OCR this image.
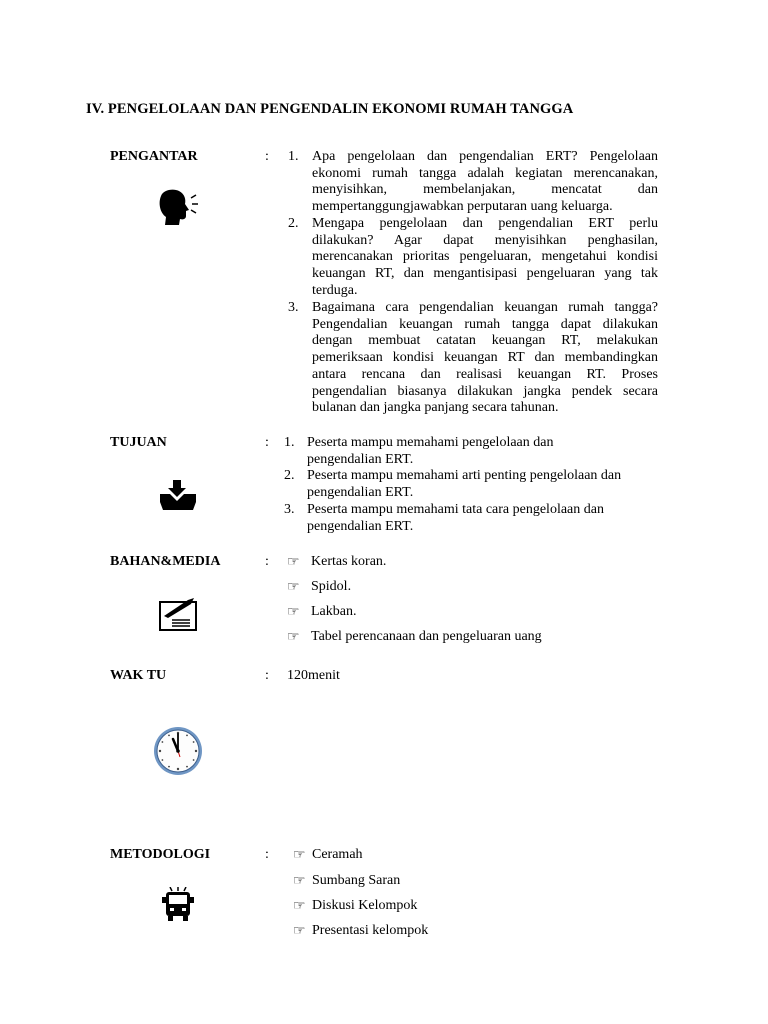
IV. PENGELOLAAN DAN PENGENDALIN EKONOMI RUMAH TANGGA
PENGANTAR	: 1. Apa pengelolaan dan pengendalian ERT? Pengelolaan ekonomi rumah tangga adalah kegiatan merencanakan, menyisihkan, membelanjakan, mencatat dan mempertanggungjawabkan perputaran uang keluarga.
2. Mengapa pengelolaan dan pengendalian ERT perlu dilakukan? Agar dapat menyisihkan penghasilan, merencanakan prioritas pengeluaran, mengetahui kondisi keuangan RT, dan mengantisipasi pengeluaran yang tak terduga.
3. Bagaimana cara pengendalian keuangan rumah tangga? Pengendalian keuangan rumah tangga dapat dilakukan dengan membuat catatan keuangan RT, melakukan pemeriksaan kondisi keuangan RT dan membandingkan antara rencana dan realisasi keuangan RT. Proses pengendalian biasanya dilakukan jangka pendek secara bulanan dan jangka panjang secara tahunan.
TUJUAN	: 1. Peserta mampu memahami pengelolaan dan
pengendalian ERT.
2. Peserta mampu memahami arti penting pengelolaan dan
pengendalian ERT.
3. Peserta mampu memahami tata cara pengelolaan dan
pengendalian ERT.
BAHAN&MEDIA	: ☞ Kertas koran.
☞ Spidol.
☞ Lakban.
☞ Tabel perencanaan dan pengeluaran uang
WAK TU	: 120menit
METODOLOGI	: ☞ Ceramah
☞ Sumbang Saran
☞ Diskusi Kelompok
☞ Presentasi kelompok
